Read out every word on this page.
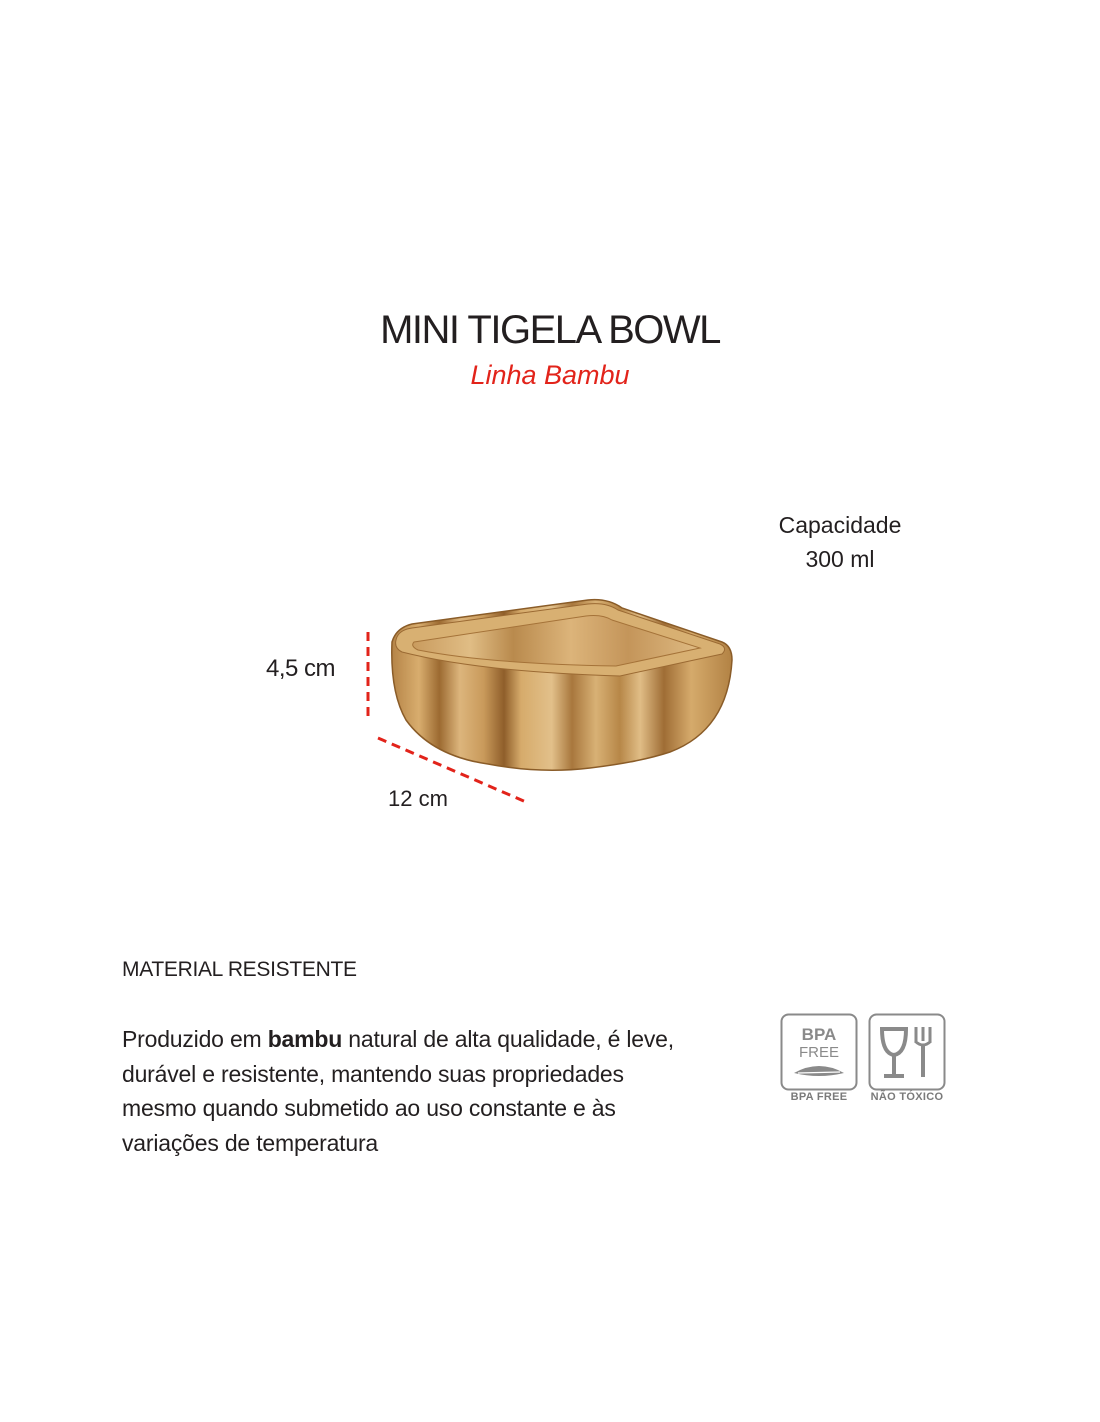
MINI TIGELA BOWL
Linha Bambu
Capacidade
300 ml
4,5 cm
12 cm
MATERIAL RESISTENTE
Produzido em bambu natural de alta qualidade, é leve, durável e resistente, mantendo suas propriedades mesmo quando submetido ao uso constante e às variações de temperatura
BPA
FREE
BPA FREE	NÃO TÓXICO
